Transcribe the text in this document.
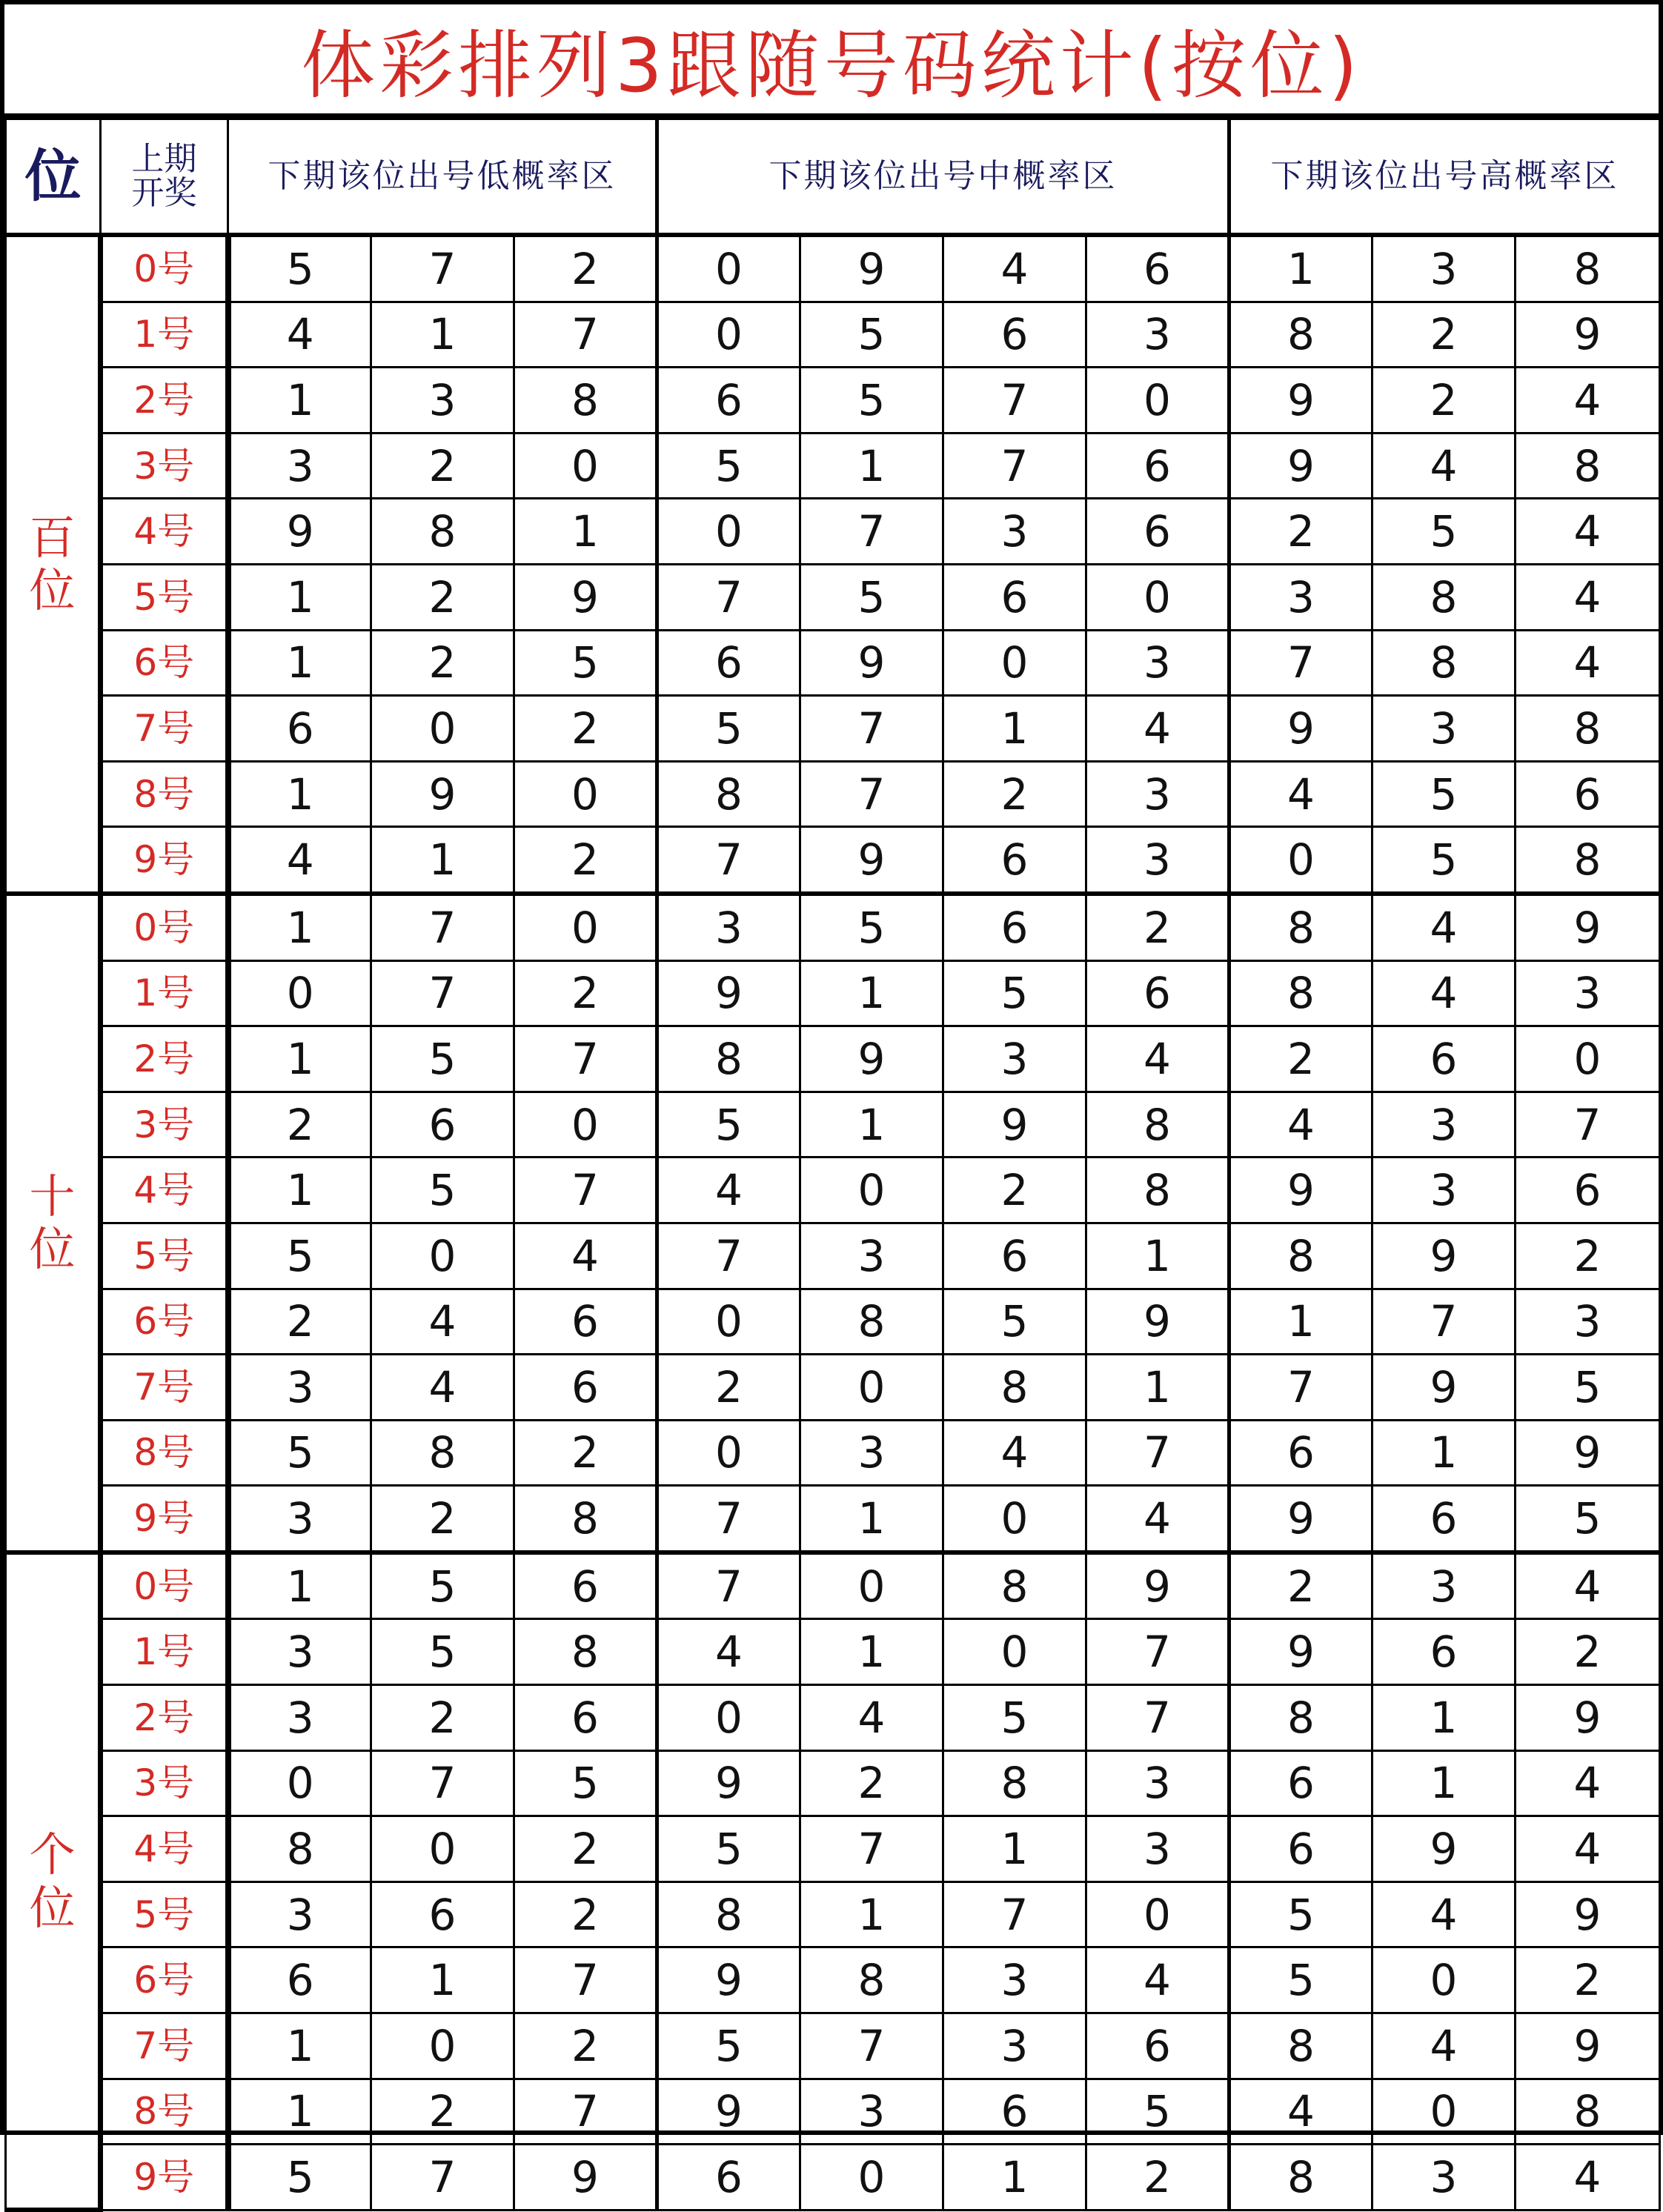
体彩排列3跟随号码统计(按位)
位	上期
开奖	下期该位出号低概率区			下期该位出号中概率区				下期该位出号高概率区		
百
位	0号	5	7	2	0	9	4	6	1	3	8
	1号	4	1	7	0	5	6	3	8	2	9
	2号	1	3	8	6	5	7	0	9	2	4
	3号	3	2	0	5	1	7	6	9	4	8
	4号	9	8	1	0	7	3	6	2	5	4
	5号	1	2	9	7	5	6	0	3	8	4
	6号	1	2	5	6	9	0	3	7	8	4
	7号	6	0	2	5	7	1	4	9	3	8
	8号	1	9	0	8	7	2	3	4	5	6
	9号	4	1	2	7	9	6	3	0	5	8
十
位	0号	1	7	0	3	5	6	2	8	4	9
	1号	0	7	2	9	1	5	6	8	4	3
	2号	1	5	7	8	9	3	4	2	6	0
	3号	2	6	0	5	1	9	8	4	3	7
	4号	1	5	7	4	0	2	8	9	3	6
	5号	5	0	4	7	3	6	1	8	9	2
	6号	2	4	6	0	8	5	9	1	7	3
	7号	3	4	6	2	0	8	1	7	9	5
	8号	5	8	2	0	3	4	7	6	1	9
	9号	3	2	8	7	1	0	4	9	6	5
个
位	0号	1	5	6	7	0	8	9	2	3	4
	1号	3	5	8	4	1	0	7	9	6	2
	2号	3	2	6	0	4	5	7	8	1	9
	3号	0	7	5	9	2	8	3	6	1	4
	4号	8	0	2	5	7	1	3	6	9	4
	5号	3	6	2	8	1	7	0	5	4	9
	6号	6	1	7	9	8	3	4	5	0	2
	7号	1	0	2	5	7	3	6	8	4	9
	8号	1	2	7	9	3	6	5	4	0	8
	9号	5	7	9	6	0	1	2	8	3	4
